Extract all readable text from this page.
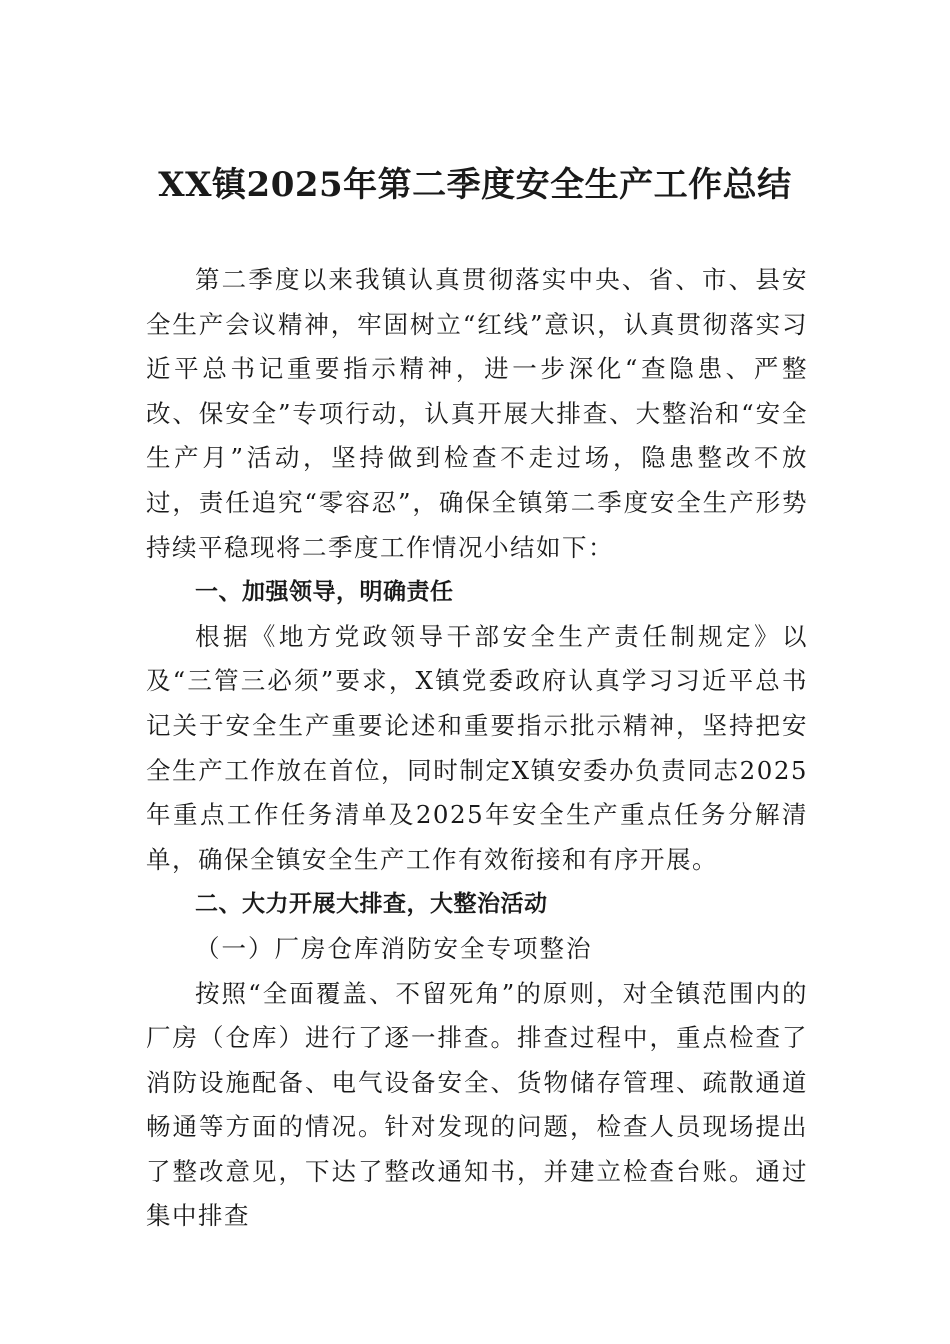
XX镇2025年第二季度安全生产工作总结

第二季度以来我镇认真贯彻落实中央、省、市、县安全生产会议精神，牢固树立“红线”意识，认真贯彻落实习近平总书记重要指示精神，进一步深化“查隐患、严整改、保安全”专项行动，认真开展大排查、大整治和“安全生产月”活动，坚持做到检查不走过场，隐患整改不放过，责任追究“零容忍”，确保全镇第二季度安全生产形势持续平稳现将二季度工作情况小结如下：

一、加强领导，明确责任

根据《地方党政领导干部安全生产责任制规定》以及“三管三必须”要求，X镇党委政府认真学习习近平总书记关于安全生产重要论述和重要指示批示精神，坚持把安全生产工作放在首位，同时制定X镇安委办负责同志2025年重点工作任务清单及2025年安全生产重点任务分解清单，确保全镇安全生产工作有效衔接和有序开展。

二、大力开展大排查，大整治活动

（一）厂房仓库消防安全专项整治

按照“全面覆盖、不留死角”的原则，对全镇范围内的厂房（仓库）进行了逐一排查。排查过程中，重点检查了消防设施配备、电气设备安全、货物储存管理、疏散通道畅通等方面的情况。针对发现的问题，检查人员现场提出了整改意见，下达了整改通知书，并建立检查台账。通过集中排查
